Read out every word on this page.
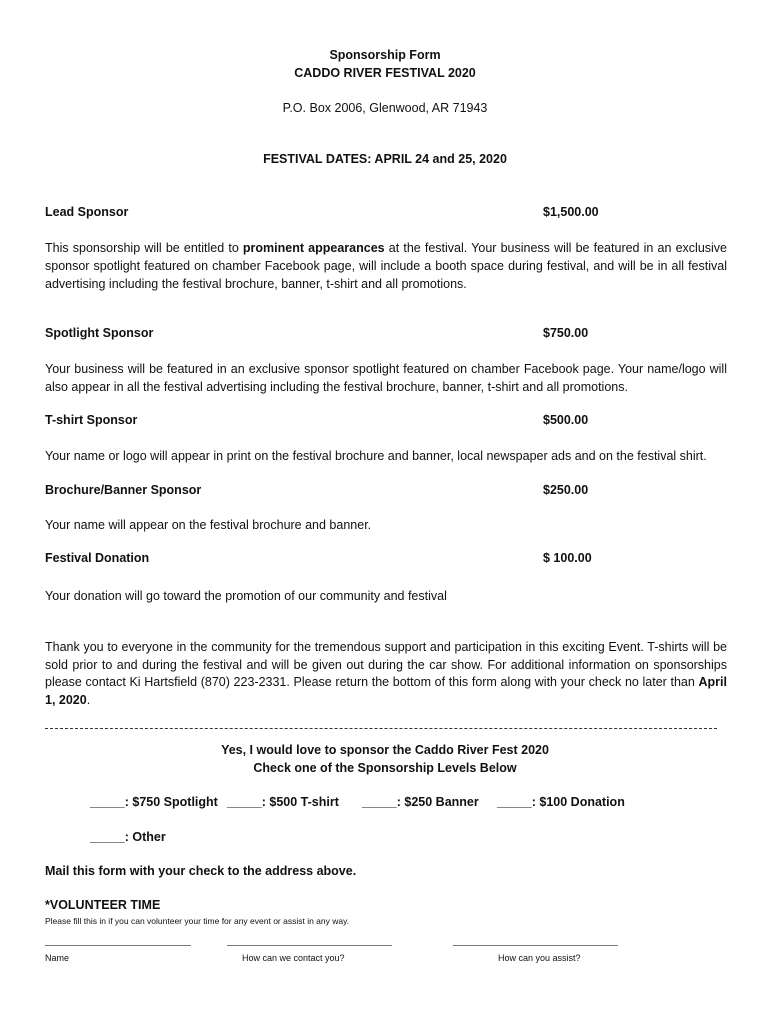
Sponsorship Form
CADDO RIVER FESTIVAL 2020
P.O. Box 2006, Glenwood, AR 71943
FESTIVAL DATES: APRIL 24 and 25, 2020
Lead Sponsor	$1,500.00

This sponsorship will be entitled to prominent appearances at the festival. Your business will be featured in an exclusive sponsor spotlight featured on chamber Facebook page, will include a booth space during festival, and will be in all festival advertising including the festival brochure, banner, t-shirt and all promotions.

Spotlight Sponsor	$750.00

Your business will be featured in an exclusive sponsor spotlight featured on chamber Facebook page. Your name/logo will also appear in all the festival advertising including the festival brochure, banner, t-shirt and all promotions.

T-shirt Sponsor	$500.00

Your name or logo will appear in print on the festival brochure and banner, local newspaper ads and on the festival shirt.

Brochure/Banner Sponsor	$250.00

Your name will appear on the festival brochure and banner.

Festival Donation	$ 100.00

Your donation will go toward the promotion of our community and festival

Thank you to everyone in the community for the tremendous support and participation in this exciting Event. T-shirts will be sold prior to and during the festival and will be given out during the car show. For additional information on sponsorships please contact Ki Hartsfield (870) 223-2331. Please return the bottom of this form along with your check no later than April 1, 2020.

Yes, I would love to sponsor the Caddo River Fest 2020
Check one of the Sponsorship Levels Below
_____: $750 Spotlight _____: $500 T-shirt _____: $250 Banner _____: $100 Donation
_____: Other
Mail this form with your check to the address above.
*VOLUNTEER TIME
Please fill this in if you can volunteer your time for any event or assist in any way.
Name	How can we contact you?	How can you assist?
